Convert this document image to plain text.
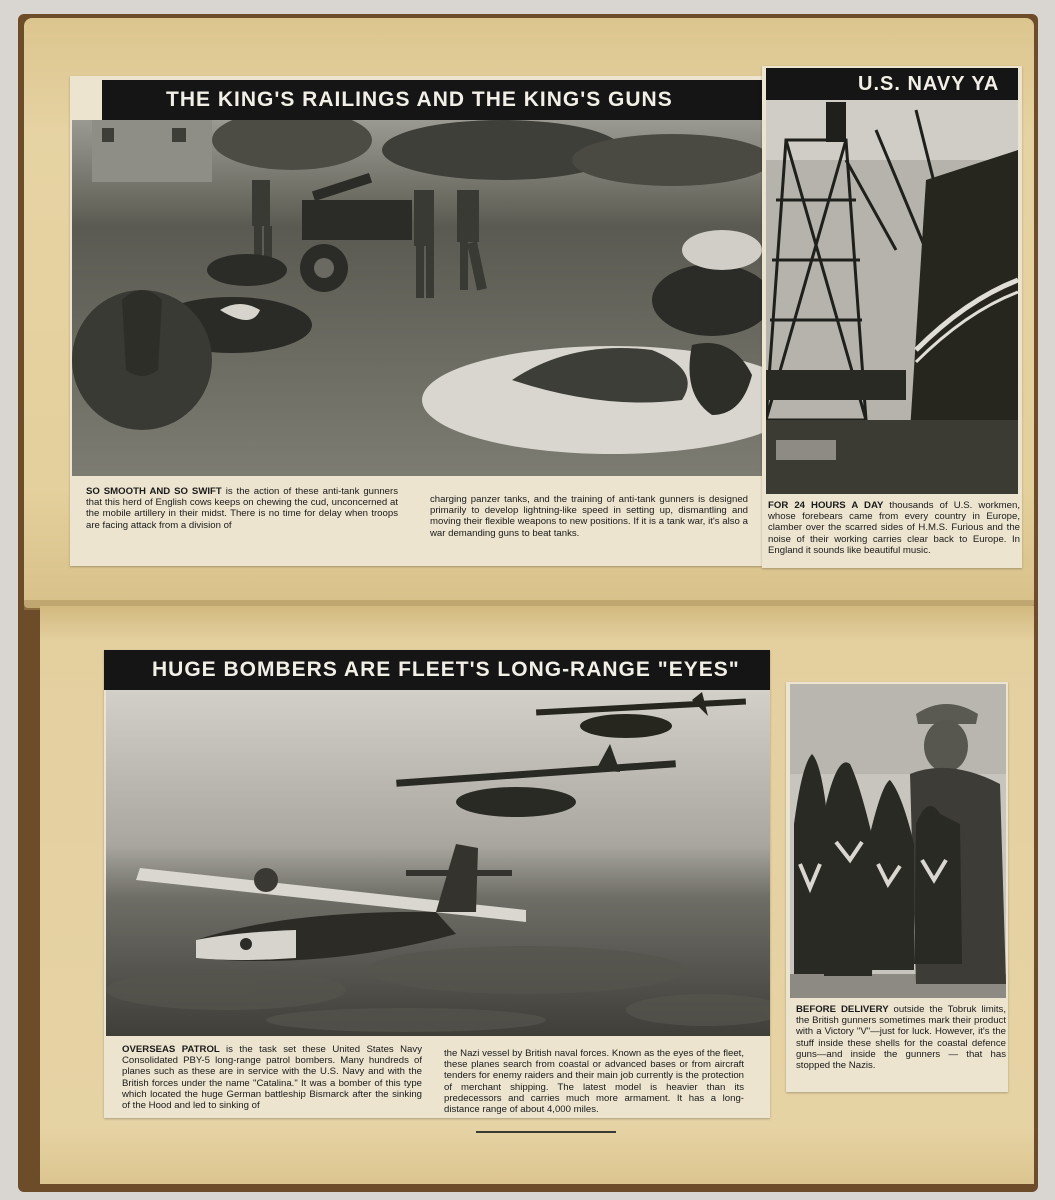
THE KING'S RAILINGS AND THE KING'S GUNS
SO SMOOTH AND SO SWIFT is the action of these anti-tank gunners that this herd of English cows keeps on chewing the cud, unconcerned at the mobile artillery in their midst. There is no time for delay when troops are facing attack from a division of
charging panzer tanks, and the training of anti-tank gunners is designed primarily to develop lightning-like speed in setting up, dismantling and moving their flexible weapons to new positions. If it is a tank war, it's also a war demanding guns to beat tanks.
U.S. NAVY YA
FOR 24 HOURS A DAY thousands of U.S. workmen, whose forebears came from every country in Europe, clamber over the scarred sides of H.M.S. Furious and the noise of their working carries clear back to Europe. In England it sounds like beautiful music.
HUGE BOMBERS ARE FLEET'S LONG-RANGE "EYES"
OVERSEAS PATROL is the task set these United States Navy Consolidated PBY-5 long-range patrol bombers. Many hundreds of planes such as these are in service with the U.S. Navy and with the British forces under the name "Catalina." It was a bomber of this type which located the huge German battleship Bismarck after the sinking of the Hood and led to sinking of
the Nazi vessel by British naval forces. Known as the eyes of the fleet, these planes search from coastal or advanced bases or from aircraft tenders for enemy raiders and their main job currently is the protection of merchant shipping. The latest model is heavier than its predecessors and carries much more armament. It has a long-distance range of about 4,000 miles.
BEFORE DELIVERY outside the Tobruk limits, the British gunners sometimes mark their product with a Victory "V"—just for luck. However, it's the stuff inside these shells for the coastal defence guns—and inside the gunners — that has stopped the Nazis.
